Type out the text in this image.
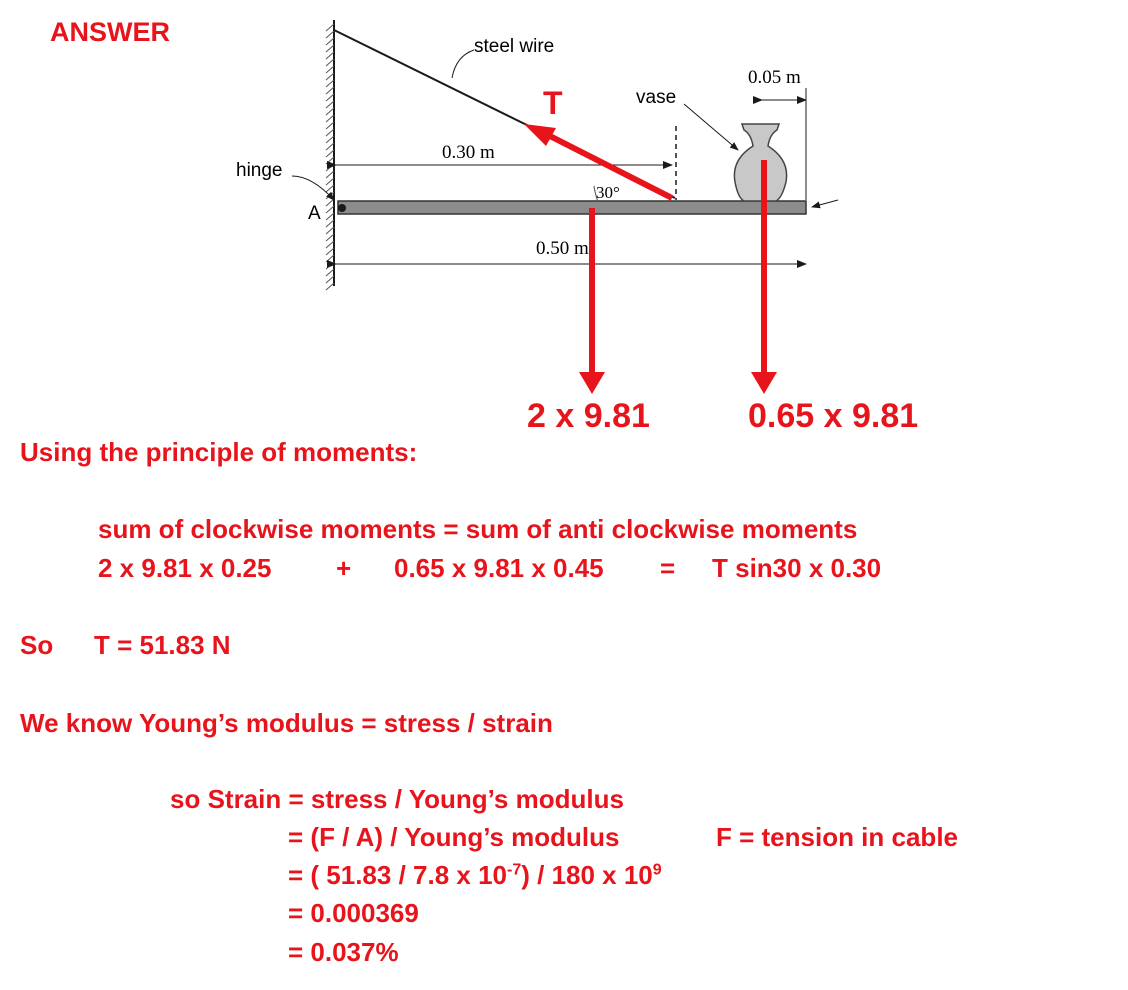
ANSWER	steel wire
vase
hinge
A
0.30 m
0.50 m
0.05 m
30°
T
2 x 9.81	0.65 x 9.81
Using the principle of moments:
sum of clockwise moments = sum of anti clockwise moments
2 x 9.81 x 0.25 + 0.65 x 9.81 x 0.45 = T sin30 x 0.30
So T = 51.83 N
We know Young’s modulus = stress / strain
so Strain = stress / Young’s modulus
= (F / A) / Young’s modulus	F = tension in cable
= ( 51.83 / 7.8 x $10^{-7}) / 180$ x $10^9$
= 0.000369
= 0.037%
